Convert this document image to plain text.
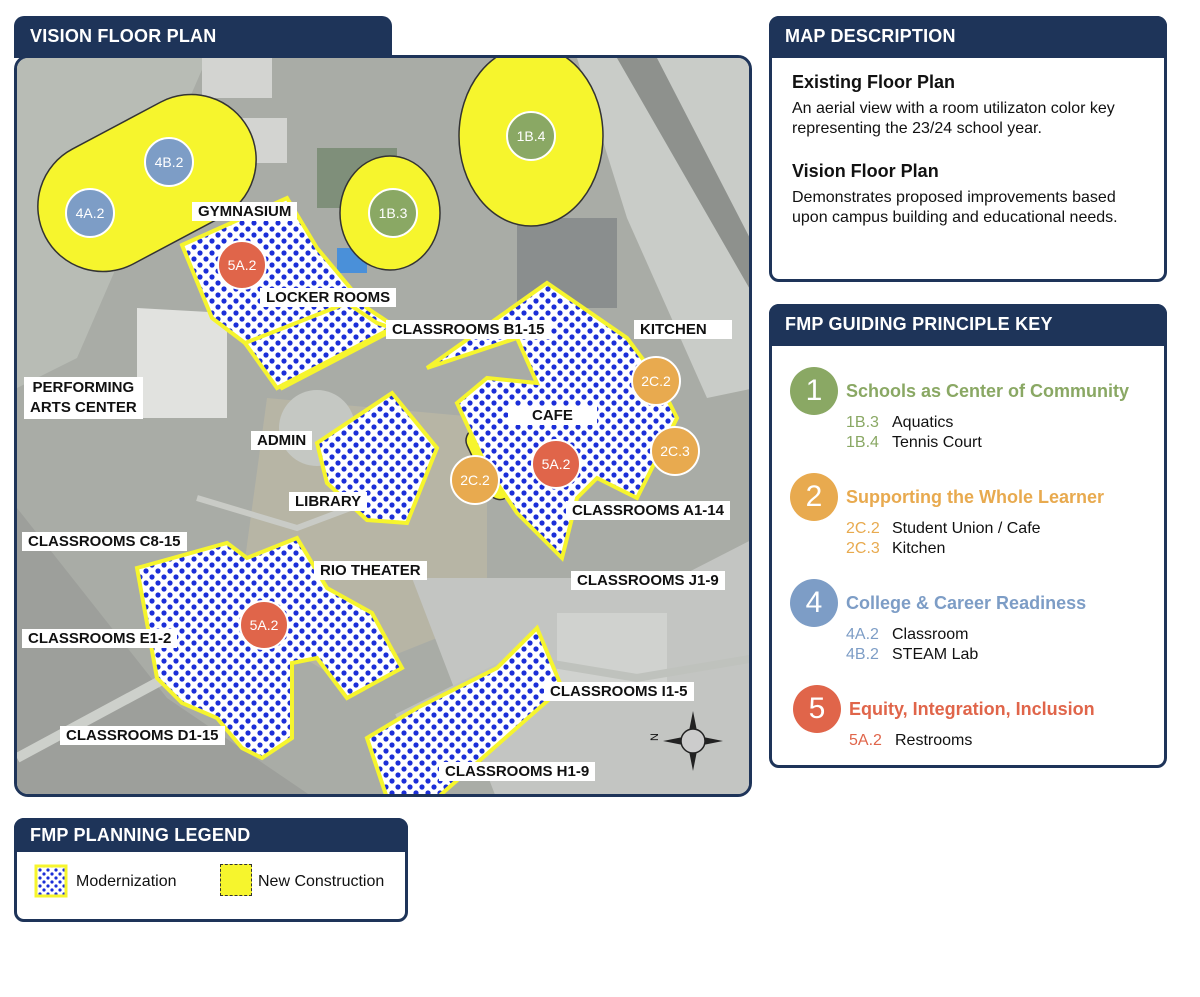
VISION FLOOR PLAN
4B.2
4A.2
1B.4
1B.3
5A.2
2C.2
2C.3
5A.2
2C.2
5A.2
N
GYMNASIUM
LOCKER ROOMS
CLASSROOMS B1-15	KITCHEN
PERFORMING
ARTS CENTER
ADMIN
CAFE
LIBRARY
CLASSROOMS A1-14
CLASSROOMS C8-15
RIO THEATER
CLASSROOMS J1-9
CLASSROOMS E1-2
CLASSROOMS I1-5
CLASSROOMS D1-15
CLASSROOMS H1-9
MAP DESCRIPTION
Existing Floor Plan

An aerial view with a room utilizaton color key representing the 23/24 school year.

Vision Floor Plan

Demonstrates proposed improvements based upon campus building and educational needs.

FMP GUIDING PRINCIPLE KEY
1	Schools as Center of Community
1B.3 Aquatics
1B.4 Tennis Court
2	Supporting the Whole Learner
2C.2 Student Union / Cafe
2C.3 Kitchen
4	College & Career Readiness
4A.2 Classroom
4B.2 STEAM Lab
5	Equity, Integration, Inclusion
5A.2 Restrooms
FMP PLANNING LEGEND
Modernization	New Construction
